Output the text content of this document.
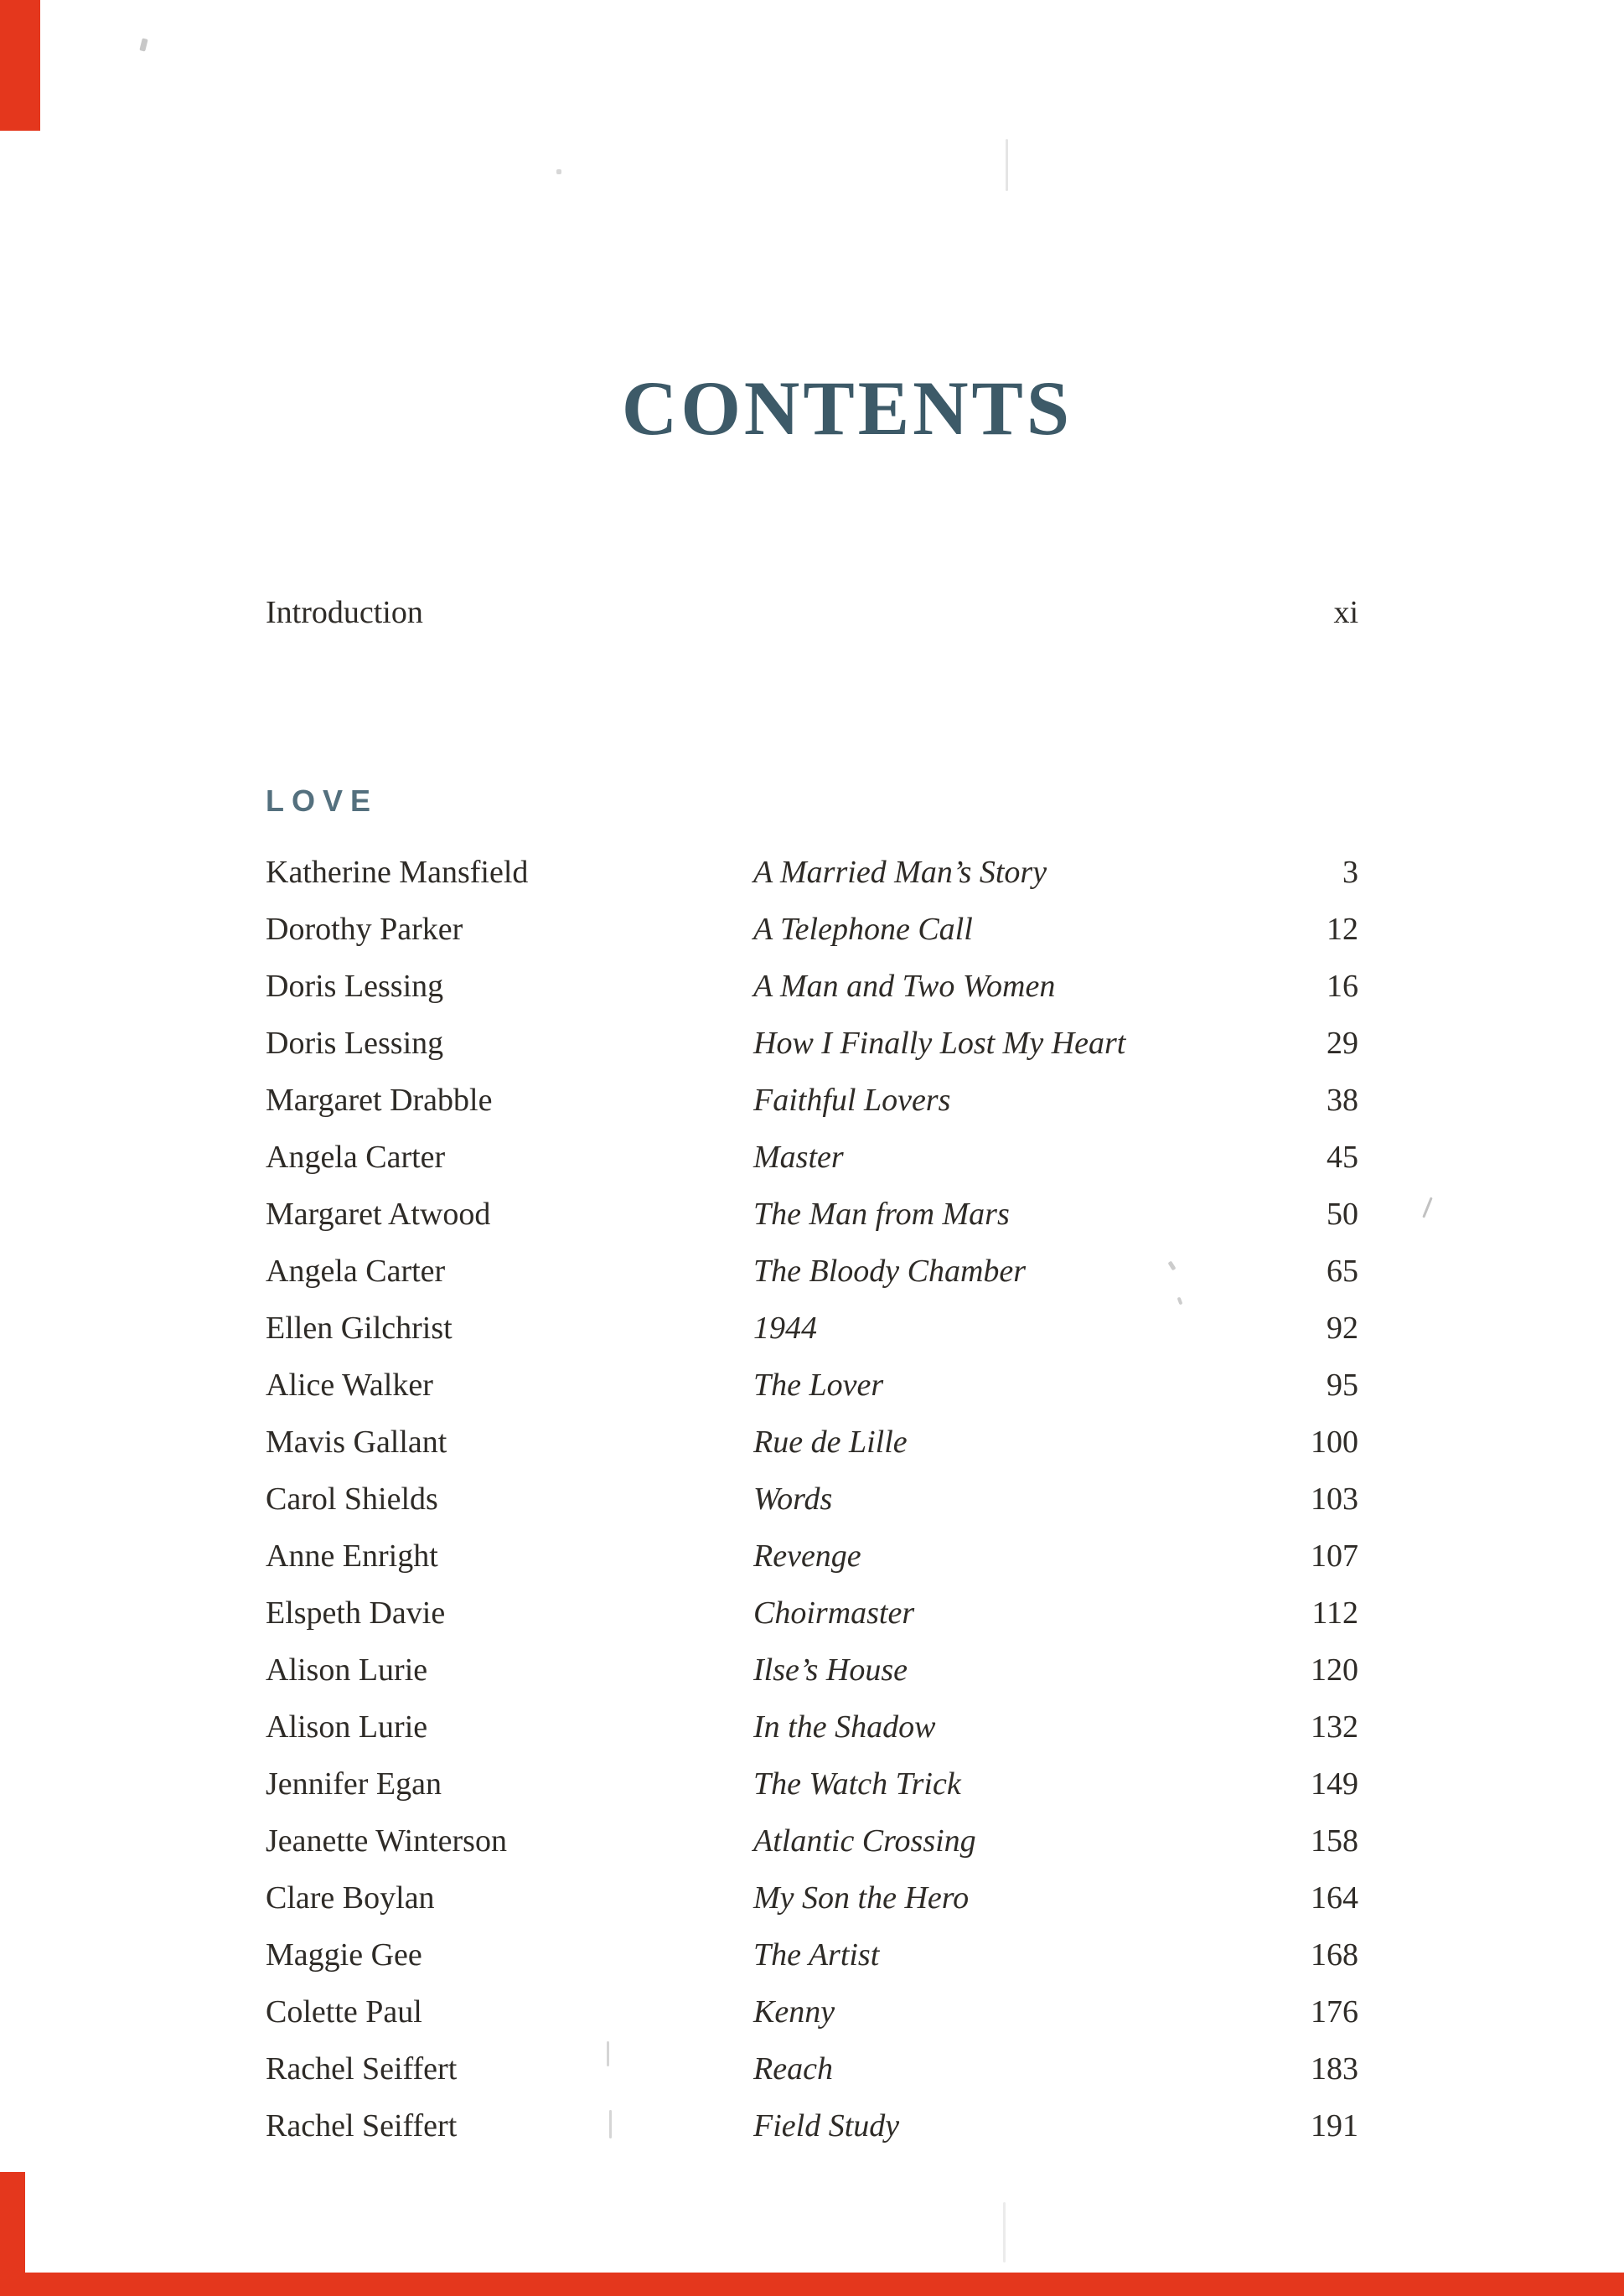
CONTENTS
Introduction	xi
LOVE
Katherine Mansfield	A Married Man’s Story	3
Dorothy Parker	A Telephone Call	12
Doris Lessing	A Man and Two Women	16
Doris Lessing	How I Finally Lost My Heart	29
Margaret Drabble	Faithful Lovers	38
Angela Carter	Master	45
Margaret Atwood	The Man from Mars	50
Angela Carter	The Bloody Chamber	65
Ellen Gilchrist	1944	92
Alice Walker	The Lover	95
Mavis Gallant	Rue de Lille	100
Carol Shields	Words	103
Anne Enright	Revenge	107
Elspeth Davie	Choirmaster	112
Alison Lurie	Ilse’s House	120
Alison Lurie	In the Shadow	132
Jennifer Egan	The Watch Trick	149
Jeanette Winterson	Atlantic Crossing	158
Clare Boylan	My Son the Hero	164
Maggie Gee	The Artist	168
Colette Paul	Kenny	176
Rachel Seiffert	Reach	183
Rachel Seiffert	Field Study	191
